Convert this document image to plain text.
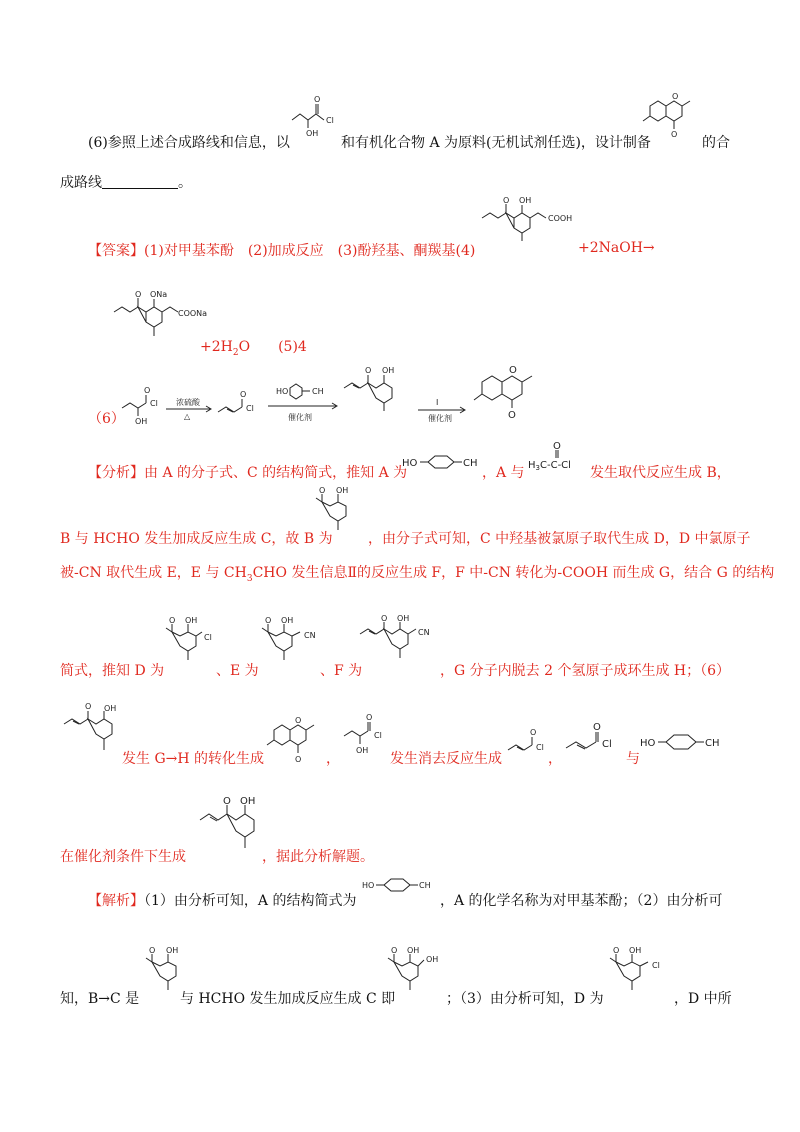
(6)参照上述合成路线和信息，以
O
Cl
OH
和有机化合物 A 为原料(无机试剂任选)，设计制备
O
O
的合
成路线	。
【答案】(1)对甲基苯酚　(2)加成反应　(3)酚羟基、酮羰基(4)
O OH
COOH
+2NaOH→
O ONa
COONa
$+2H_2O$　　 (5)4
（6）
O
Cl
OH
浓硫酸
△
O
Cl
HO	CH
催化剂
O OH
I
催化剂
O
O
【分析】由 A 的分子式、C 的结构简式，推知 A 为
HO	CH
，A 与 $H_3C-C-Cl$
O
发生取代反应生成 B，
O OH
B 与 HCHO 发生加成反应生成 C，故 B 为	，由分子式可知，C 中羟基被氯原子取代生成 D，D 中氯原子
被-CN 取代生成 E，E 与 $CH_3CHO$ 发生信息Ⅱ的反应生成 F，F 中-CN 转化为-COOH 而生成 G，结合 G 的结构
O OH
Cl
O OH
CN
O OH
CN
简式，推知 D 为	、E 为	、F 为	，G 分子内脱去 2 个氢原子成环生成 H；（6）
O OH
发生 G→H 的转化生成
O
O ，
O
Cl
OH
发生消去反应生成
O
Cl
，
O
Cl
与
HO	CH
O OH
在催化剂条件下生成	，据此分析解题。
【解析】（1）由分析可知，A 的结构简式为
HO	CH
，A 的化学名称为对甲基苯酚；（2）由分析可
O OH
知，B→C 是	与 HCHO 发生加成反应生成 C 即
O OH
OH
；（3）由分析可知，D 为
O OH
Cl
，D 中所
